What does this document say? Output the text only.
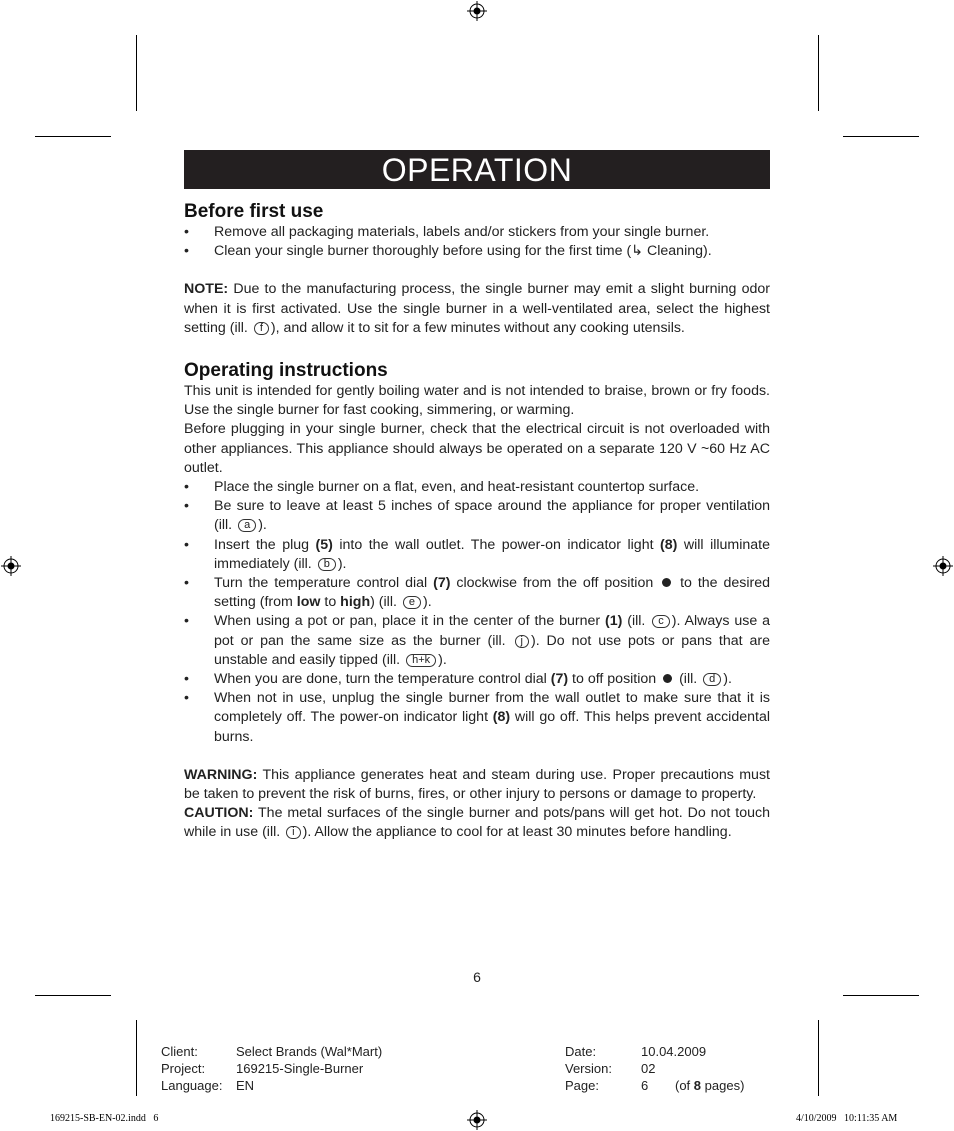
OPERATION
Before first use
• Remove all packaging materials, labels and/or stickers from your single burner.
• Clean your single burner thoroughly before using for the first time (↳ Cleaning).

NOTE: Due to the manufacturing process, the single burner may emit a slight burning odor when it is first activated. Use the single burner in a well-ventilated area, select the highest setting (ill. f ), and allow it to sit for a few minutes without any cooking utensils.

Operating instructions

This unit is intended for gently boiling water and is not intended to braise, brown or fry foods. Use the single burner for fast cooking, simmering, or warming.

Before plugging in your single burner, check that the electrical circuit is not overloaded with other appliances. This appliance should always be operated on a separate 120 V ~60 Hz AC outlet.

• Place the single burner on a flat, even, and heat-resistant countertop surface.
• Be sure to leave at least 5 inches of space around the appliance for proper ventilation (ill. a ).
• Insert the plug (5) into the wall outlet. The power-on indicator light (8) will illuminate immediately (ill. b ).
• Turn the temperature control dial (7) clockwise from the off position  to the desired setting (from low to high) (ill. e ).
• When using a pot or pan, place it in the center of the burner (1) (ill. c ). Always use a pot or pan the same size as the burner (ill. j ). Do not use pots or pans that are unstable and easily tipped (ill. h+k ).
• When you are done, turn the temperature control dial (7) to off position  (ill. d ).
• When not in use, unplug the single burner from the wall outlet to make sure that it is completely off. The power-on indicator light (8) will go off. This helps prevent accidental burns.

WARNING: This appliance generates heat and steam during use. Proper precautions must be taken to prevent the risk of burns, fires, or other injury to persons or damage to property.

CAUTION: The metal surfaces of the single burner and pots/pans will get hot. Do not touch while in use (ill. i ). Allow the appliance to cool for at least 30 minutes before handling.

6
Client:	Select Brands (Wal*Mart)
Project:	169215-Single-Burner
Language:	EN
Date:	10.04.2009	
Version:	02	
Page:	6	(of 8 pages)
169215-SB-EN-02.indd   6	4/10/2009   10:11:35 AM
